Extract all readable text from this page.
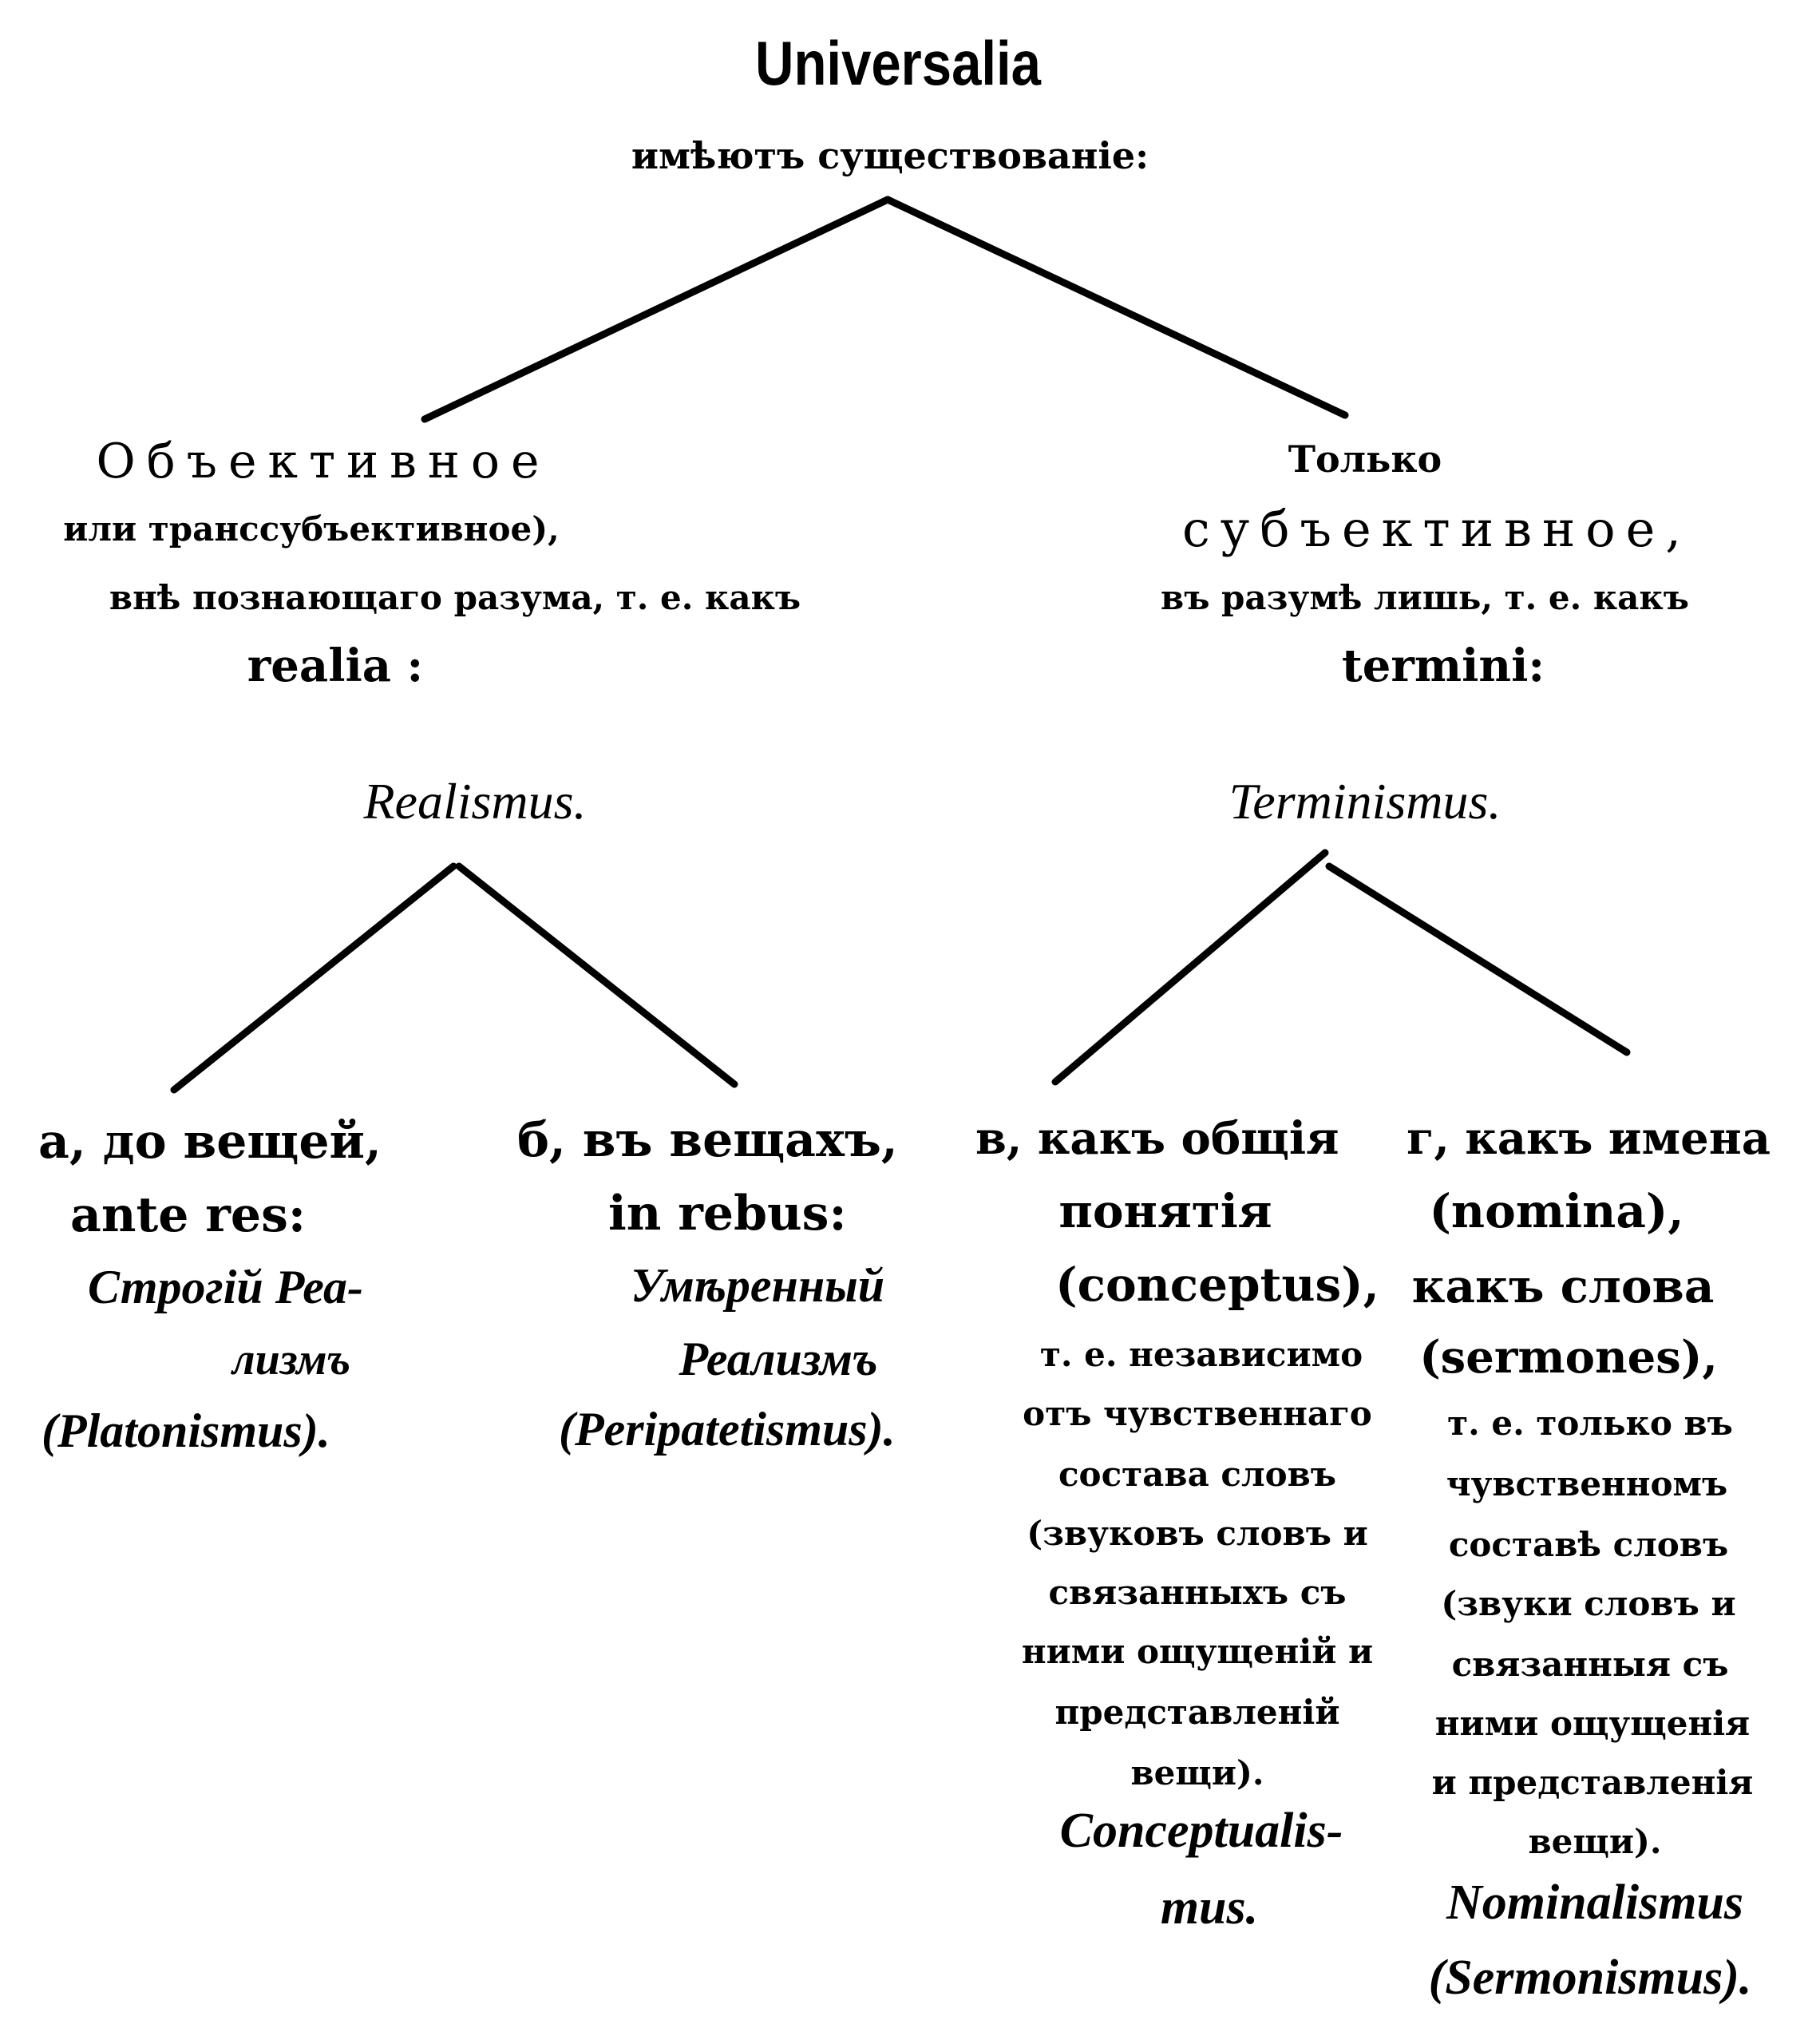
Universalia
имѣютъ существованіе:
Объективное
или транссубъективное),
внѣ познающаго разума, т. е. какъ
realia :
Realismus.
Только
субъективное,
въ разумѣ лишь, т. е. какъ
termini:
Terminismus.
а, до вещей,
ante res:
Строгій Реа-
лизмъ
(Platonismus).
б, въ вещахъ,
in rebus:
Умѣренный
Реализмъ
(Peripatetismus).
в, какъ общія
понятія
(conceptus),
т. е. независимо
отъ чувственнаго
состава словъ
(звуковъ словъ и
связанныхъ съ
ними ощущеній и
представленій
вещи).
Conceptualis-
mus.
г, какъ имена
(nomina),
какъ слова
(sermones),
т. е. только въ
чувственномъ
составѣ словъ
(звуки словъ и
связанныя съ
ними ощущенія
и представленія
вещи).
Nominalismus
(Sermonismus).
